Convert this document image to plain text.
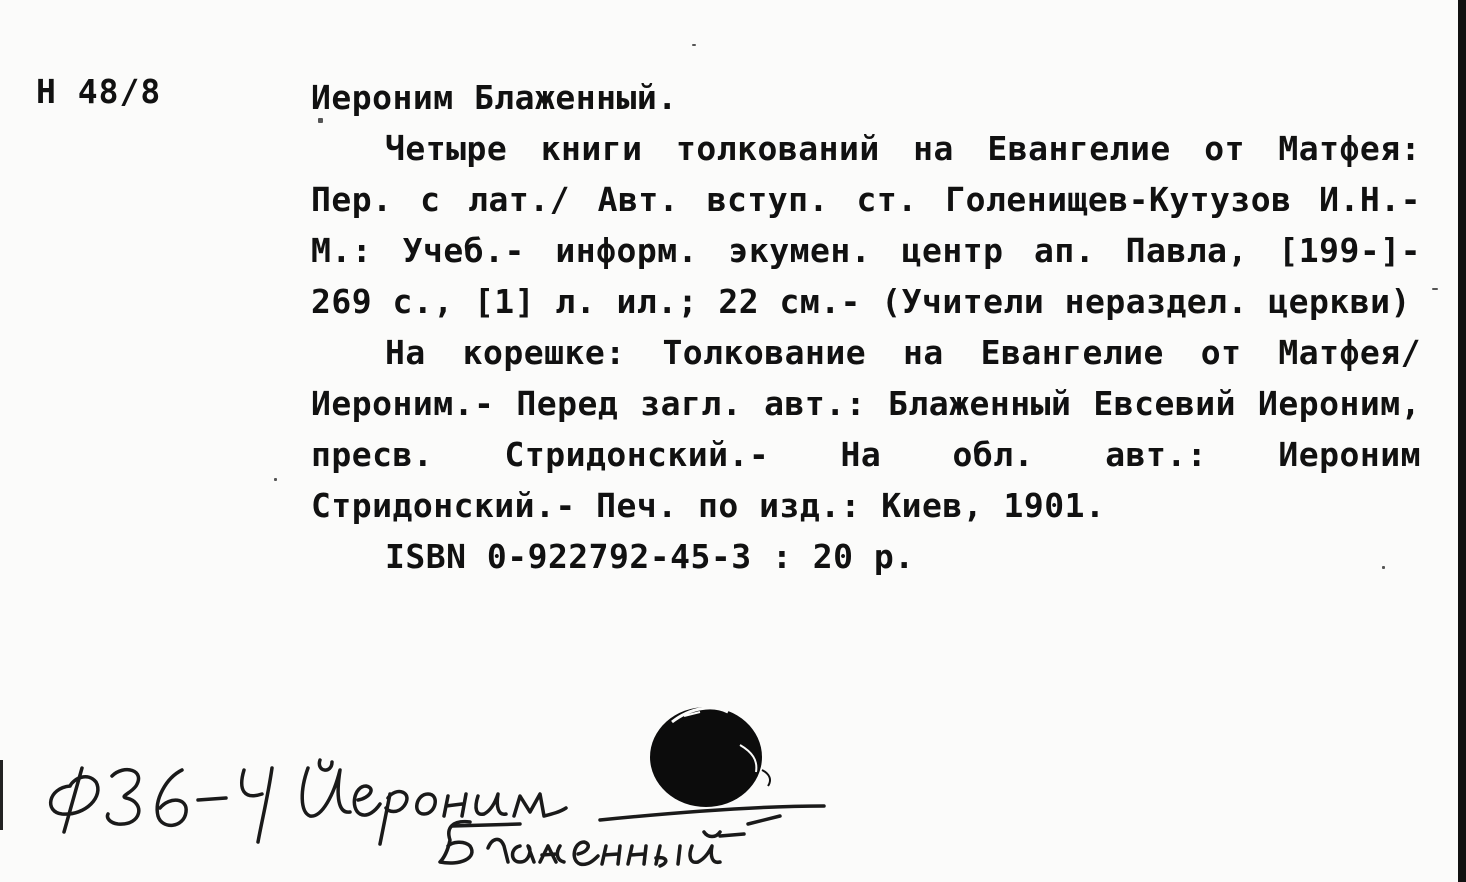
Н 48/8	Иероним Блаженный.

Четыре книги толкований на Евангелие от Матфея: Пер. с лат./ Авт. вступ. ст. Голенищев-Кутузов И.Н.- М.: Учеб.- информ. экумен. центр ап. Павла, [199-]- 269 с., [1] л. ил.; 22 см.- (Учители нераздел. церкви)

На корешке: Толкование на Евангелие от Матфея/ Иероним.- Перед загл. авт.: Блаженный Евсевий Иероним, пресв. Стридонский.- На обл. авт.: Иероним Стридонский.- Печ. по изд.: Киев, 1901.

ISBN 0-922792-45-3 : 20 р.
